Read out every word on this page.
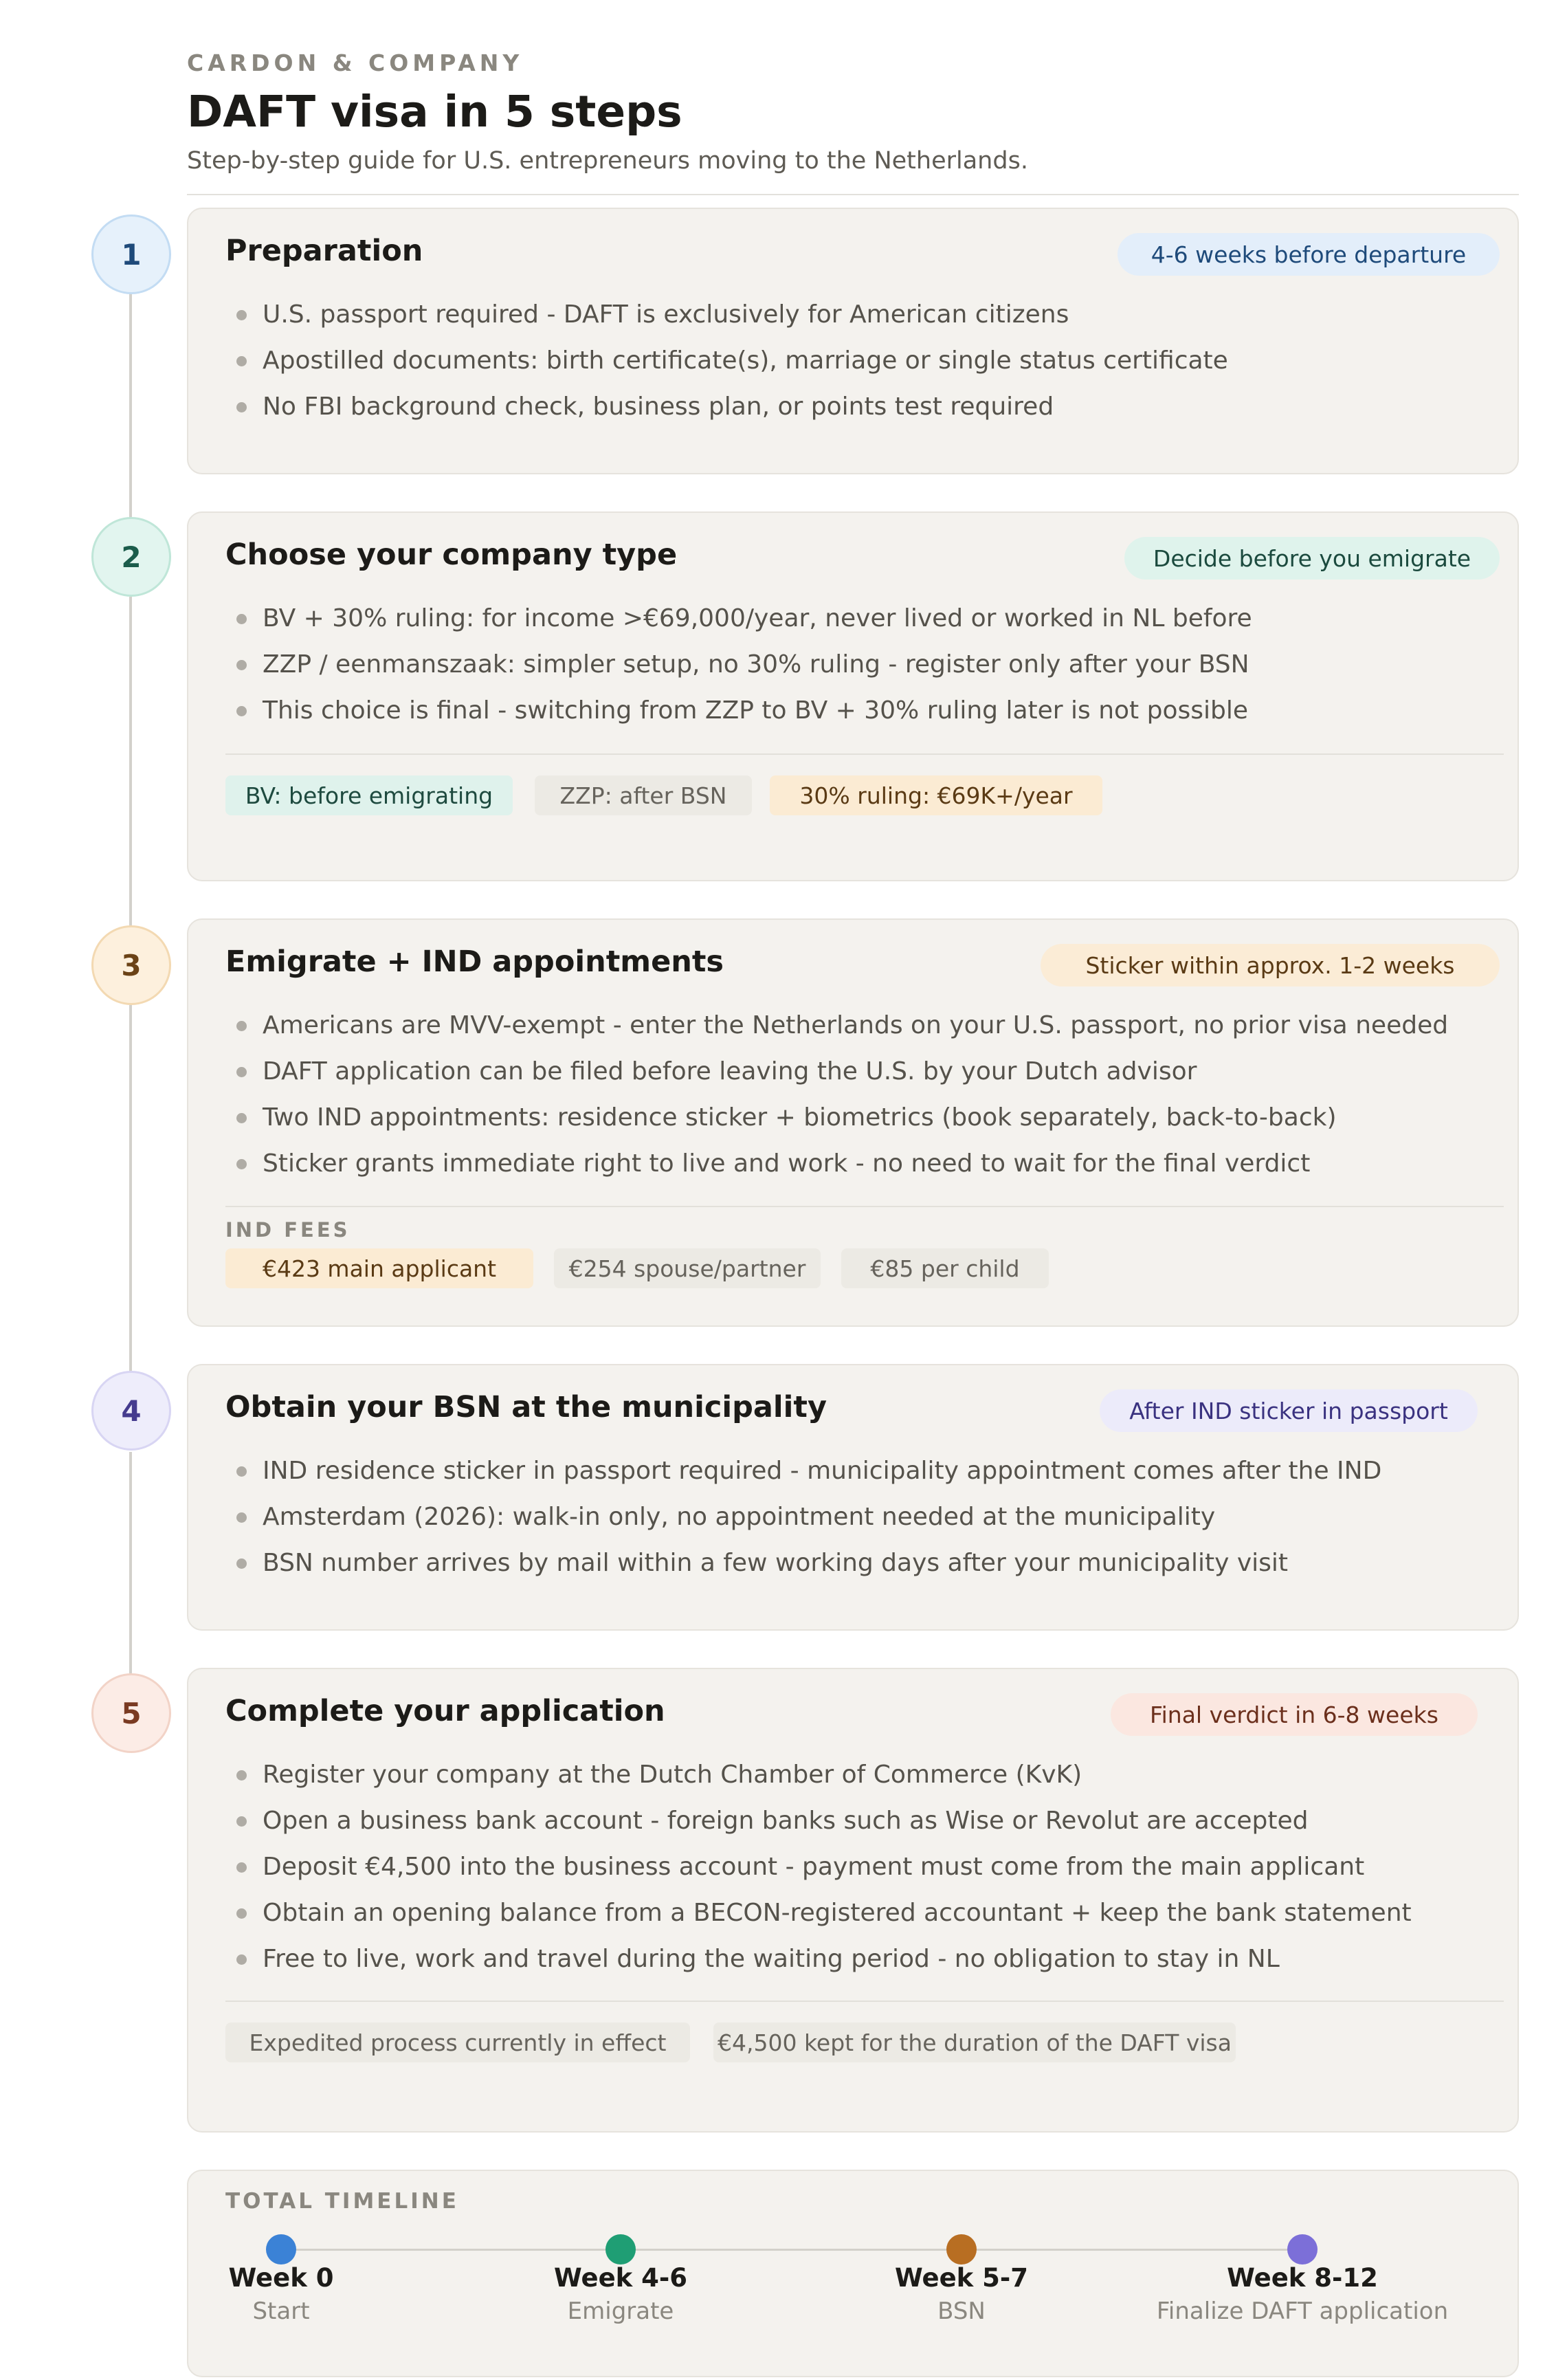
CARDON & COMPANY
DAFT visa in 5 steps
Step-by-step guide for U.S. entrepreneurs moving to the Netherlands.
1	Preparation	4-6 weeks before departure
U.S. passport required - DAFT is exclusively for American citizens
Apostilled documents: birth certificate(s), marriage or single status certificate
No FBI background check, business plan, or points test required
2	Choose your company type	Decide before you emigrate
BV + 30% ruling: for income >€69,000/year, never lived or worked in NL before
ZZP / eenmanszaak: simpler setup, no 30% ruling - register only after your BSN
This choice is final - switching from ZZP to BV + 30% ruling later is not possible
BV: before emigrating	ZZP: after BSN	30% ruling: €69K+/year
3	Emigrate + IND appointments	Sticker within approx. 1-2 weeks
Americans are MVV-exempt - enter the Netherlands on your U.S. passport, no prior visa needed
DAFT application can be filed before leaving the U.S. by your Dutch advisor
Two IND appointments: residence sticker + biometrics (book separately, back-to-back)
Sticker grants immediate right to live and work - no need to wait for the final verdict
IND FEES
€423 main applicant	€254 spouse/partner	€85 per child
4	Obtain your BSN at the municipality	After IND sticker in passport
IND residence sticker in passport required - municipality appointment comes after the IND
Amsterdam (2026): walk-in only, no appointment needed at the municipality
BSN number arrives by mail within a few working days after your municipality visit
5	Complete your application	Final verdict in 6-8 weeks
Register your company at the Dutch Chamber of Commerce (KvK)
Open a business bank account - foreign banks such as Wise or Revolut are accepted
Deposit €4,500 into the business account - payment must come from the main applicant
Obtain an opening balance from a BECON-registered accountant + keep the bank statement
Free to live, work and travel during the waiting period - no obligation to stay in NL
Expedited process currently in effect	€4,500 kept for the duration of the DAFT visa
TOTAL TIMELINE
Week 0	Week 4-6	Week 5-7	Week 8-12
Start	Emigrate	BSN	Finalize DAFT application
